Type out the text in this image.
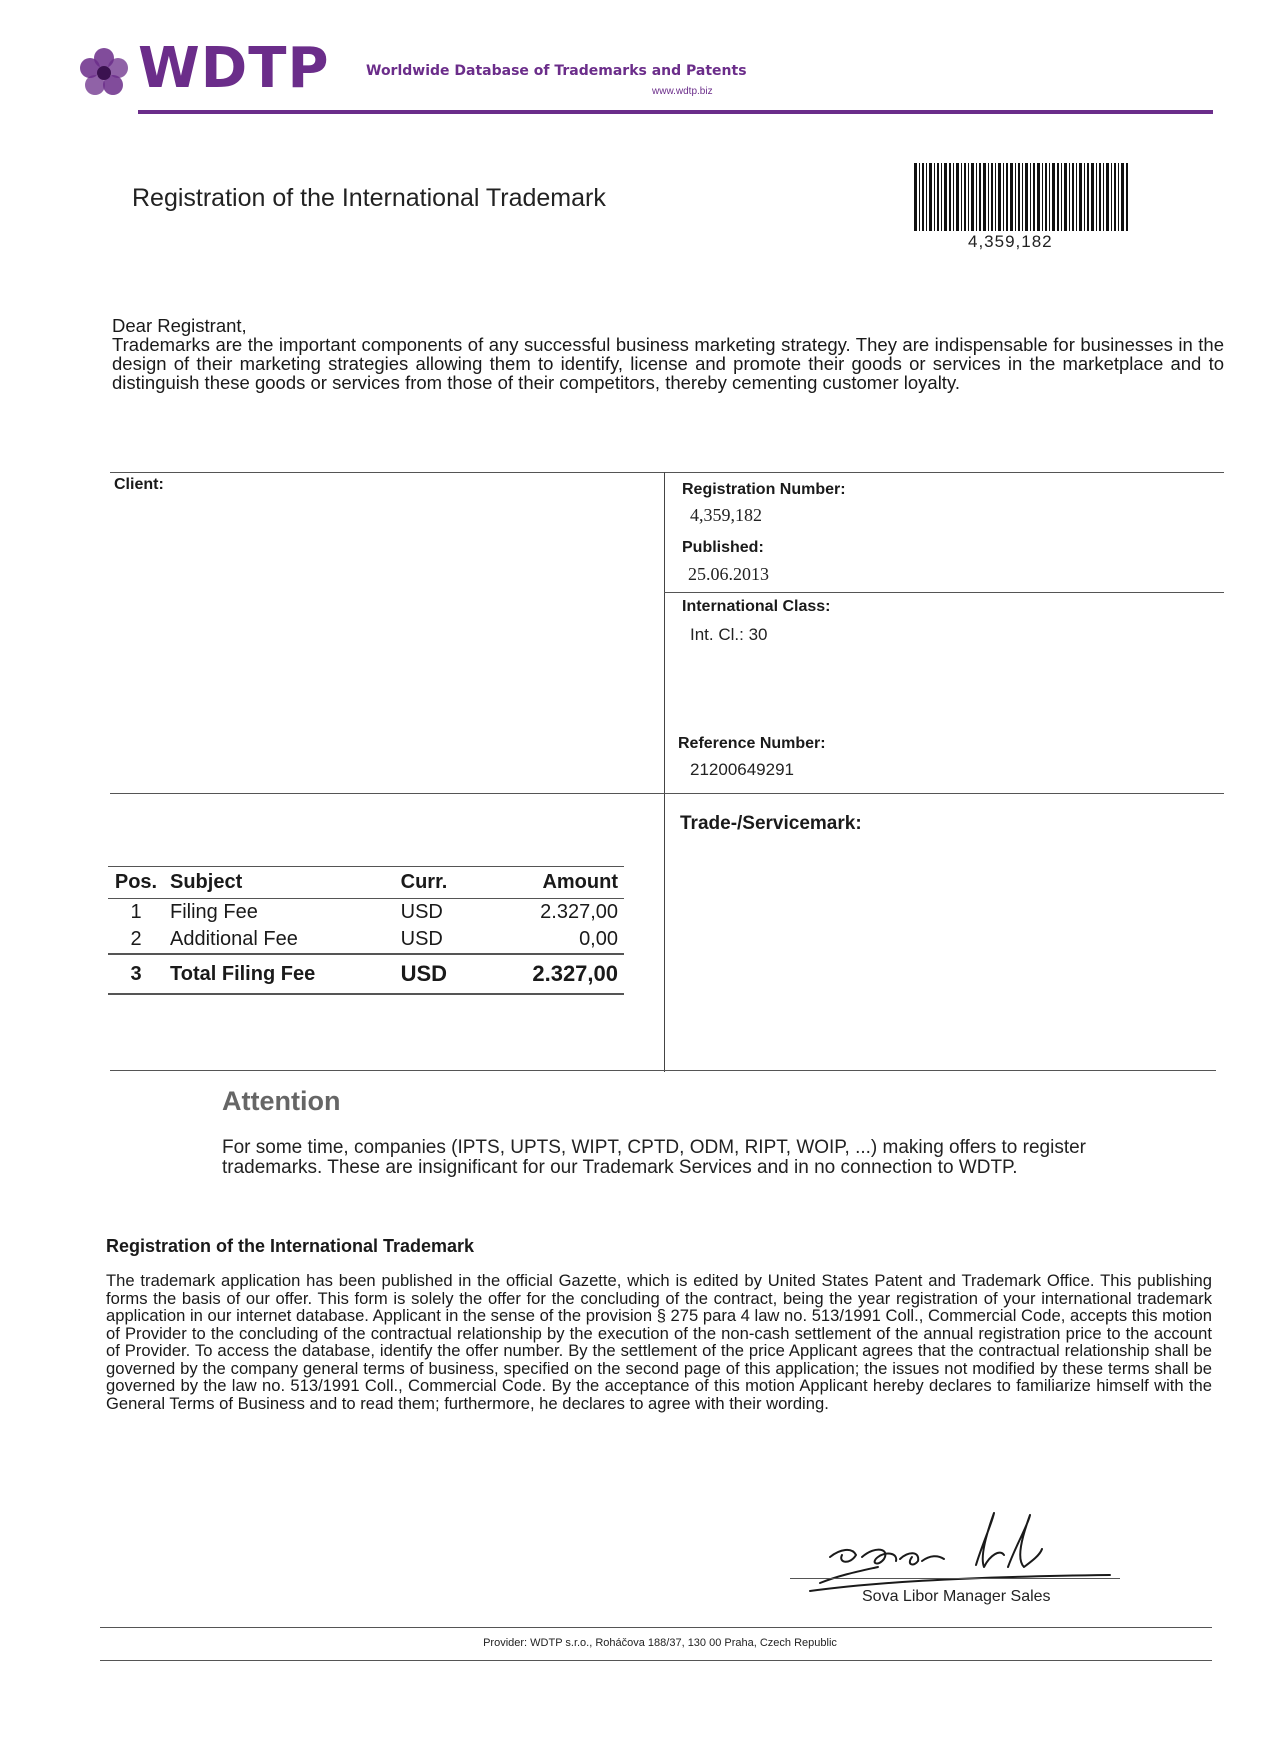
WDTP	Worldwide Database of Trademarks and Patents
www.wdtp.biz
Registration of the International Trademark
4,359,182
Dear Registrant,
Trademarks are the important components of any successful business marketing strategy. They are indispensable for businesses in the design of their marketing strategies allowing them to identify, license and promote their goods or services in the marketplace and to distinguish these goods or services from those of their competitors, thereby cementing customer loyalty.
Client:	Registration Number:
4,359,182
Published:
25.06.2013
International Class:
Int. Cl.: 30
Reference Number:
21200649291
Trade-/Servicemark:
Pos.	Subject	Curr.	Amount
1	Filing Fee	USD	2.327,00
2	Additional Fee	USD	0,00
3	Total Filing Fee	USD	2.327,00
Attention
For some time, companies (IPTS, UPTS, WIPT, CPTD, ODM, RIPT, WOIP, ...) making offers to register trademarks. These are insignificant for our Trademark Services and in no connection to WDTP.
Registration of the International Trademark
The trademark application has been published in the official Gazette, which is edited by United States Patent and Trademark Office. This publishing forms the basis of our offer. This form is solely the offer for the concluding of the contract, being the year registration of your international trademark application in our internet database. Applicant in the sense of the provision § 275 para 4 law no. 513/1991 Coll., Commercial Code, accepts this motion of Provider to the concluding of the contractual relationship by the execution of the non-cash settlement of the annual registration price to the account of Provider. To access the database, identify the offer number. By the settlement of the price Applicant agrees that the contractual relationship shall be governed by the company general terms of business, specified on the second page of this application; the issues not modified by these terms shall be governed by the law no. 513/1991 Coll., Commercial Code. By the acceptance of this motion Applicant hereby declares to familiarize himself with the General Terms of Business and to read them; furthermore, he declares to agree with their wording.
Sova Libor Manager Sales
Provider: WDTP s.r.o., Roháčova 188/37, 130 00 Praha, Czech Republic
